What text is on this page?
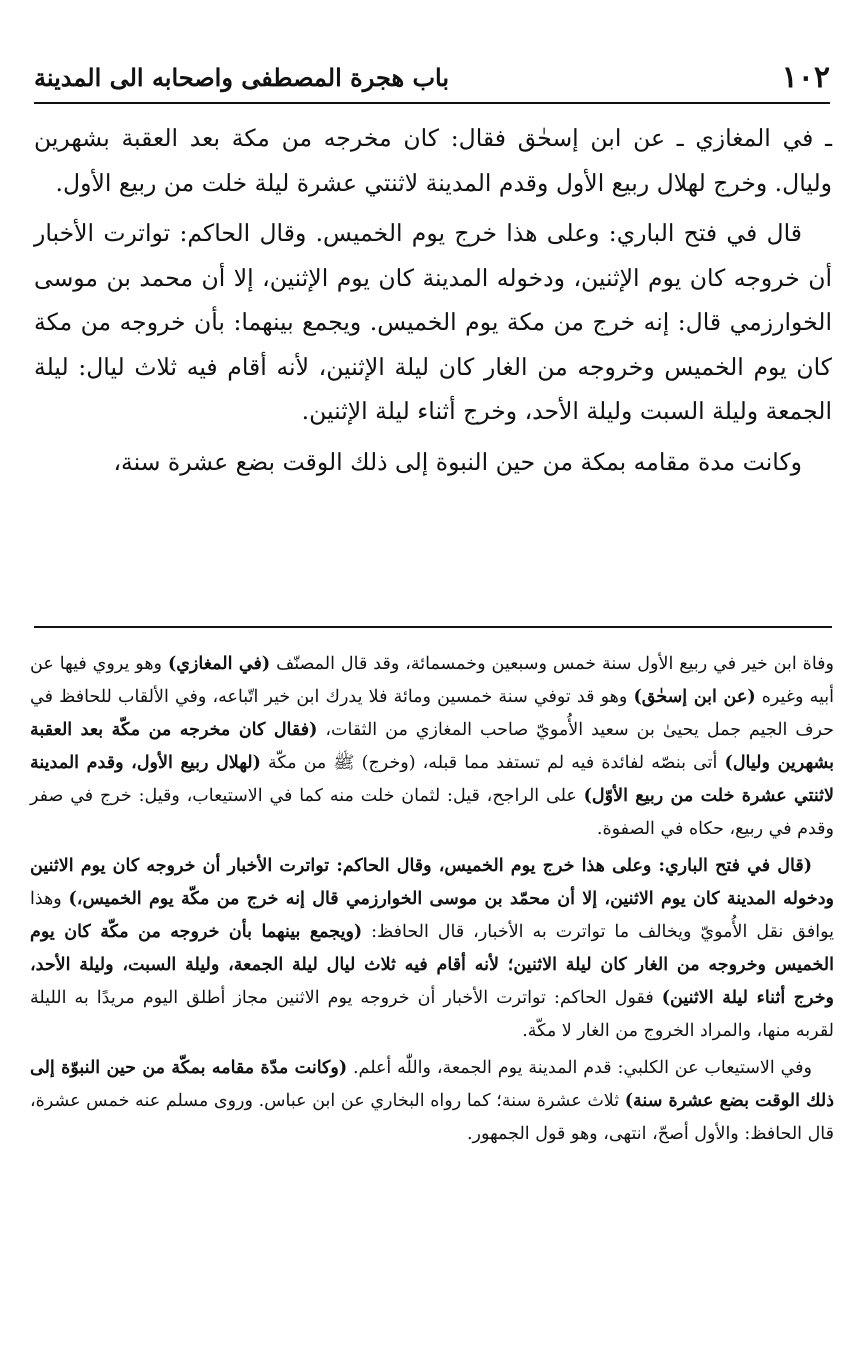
١٠٢
باب هجرة المصطفى واصحابه الى المدينة

ـ في المغازي ـ عن ابن إسحٰق فقال: كان مخرجه من مكة بعد العقبة بشهرين وليال. وخرج لهلال ربيع الأول وقدم المدينة لاثنتي عشرة ليلة خلت من ربيع الأول.

قال في فتح الباري: وعلى هذا خرج يوم الخميس. وقال الحاكم: تواترت الأخبار أن خروجه كان يوم الإثنين، ودخوله المدينة كان يوم الإثنين، إلا أن محمد بن موسى الخوارزمي قال: إنه خرج من مكة يوم الخميس. ويجمع بينهما: بأن خروجه من مكة كان يوم الخميس وخروجه من الغار كان ليلة الإثنين، لأنه أقام فيه ثلاث ليال: ليلة الجمعة وليلة السبت وليلة الأحد، وخرج أثناء ليلة الإثنين.

وكانت مدة مقامه بمكة من حين النبوة إلى ذلك الوقت بضع عشرة سنة،

وفاة ابن خير في ربيع الأول سنة خمس وسبعين وخمسمائة، وقد قال المصنّف (في المغازي) وهو يروي فيها عن أبيه وغيره (عن ابن إسحٰق) وهو قد توفي سنة خمسين ومائة فلا يدرك ابن خير اتّباعه، وفي الألقاب للحافظ في حرف الجيم جمل يحيىٰ بن سعيد الأُمويّ صاحب المغازي من الثقات، (فقال كان مخرجه من مكّة بعد العقبة بشهرين وليال) أتى بنصّه لفائدة فيه لم تستفد مما قبله، (وخرج) ﷺ من مكّة (لهلال ربيع الأول، وقدم المدينة لاثنتي عشرة خلت من ربيع الأوّل) على الراجح، قيل: لثمان خلت منه كما في الاستيعاب، وقيل: خرج في صفر وقدم في ربيع، حكاه في الصفوة.

(قال في فتح الباري: وعلى هذا خرج يوم الخميس، وقال الحاكم: تواترت الأخبار أن خروجه كان يوم الاثنين ودخوله المدينة كان يوم الاثنين، إلا أن محمّد بن موسى الخوارزمي قال إنه خرج من مكّة يوم الخميس،) وهذا يوافق نقل الأُمويّ ويخالف ما تواترت به الأخبار، قال الحافظ: (ويجمع بينهما بأن خروجه من مكّة كان يوم الخميس وخروجه من الغار كان ليلة الاثنين؛ لأنه أقام فيه ثلاث ليال ليلة الجمعة، وليلة السبت، وليلة الأحد، وخرج أثناء ليلة الاثنين) فقول الحاكم: تواترت الأخبار أن خروجه يوم الاثنين مجاز أطلق اليوم مريدًا به الليلة لقربه منها، والمراد الخروج من الغار لا مكّة.

وفي الاستيعاب عن الكلبي: قدم المدينة يوم الجمعة، واللّٰه أعلم. (وكانت مدّة مقامه بمكّة من حين النبوّة إلى ذلك الوقت بضع عشرة سنة) ثلاث عشرة سنة؛ كما رواه البخاري عن ابن عباس. وروى مسلم عنه خمس عشرة، قال الحافظ: والأول أصحّ، انتهى، وهو قول الجمهور.
